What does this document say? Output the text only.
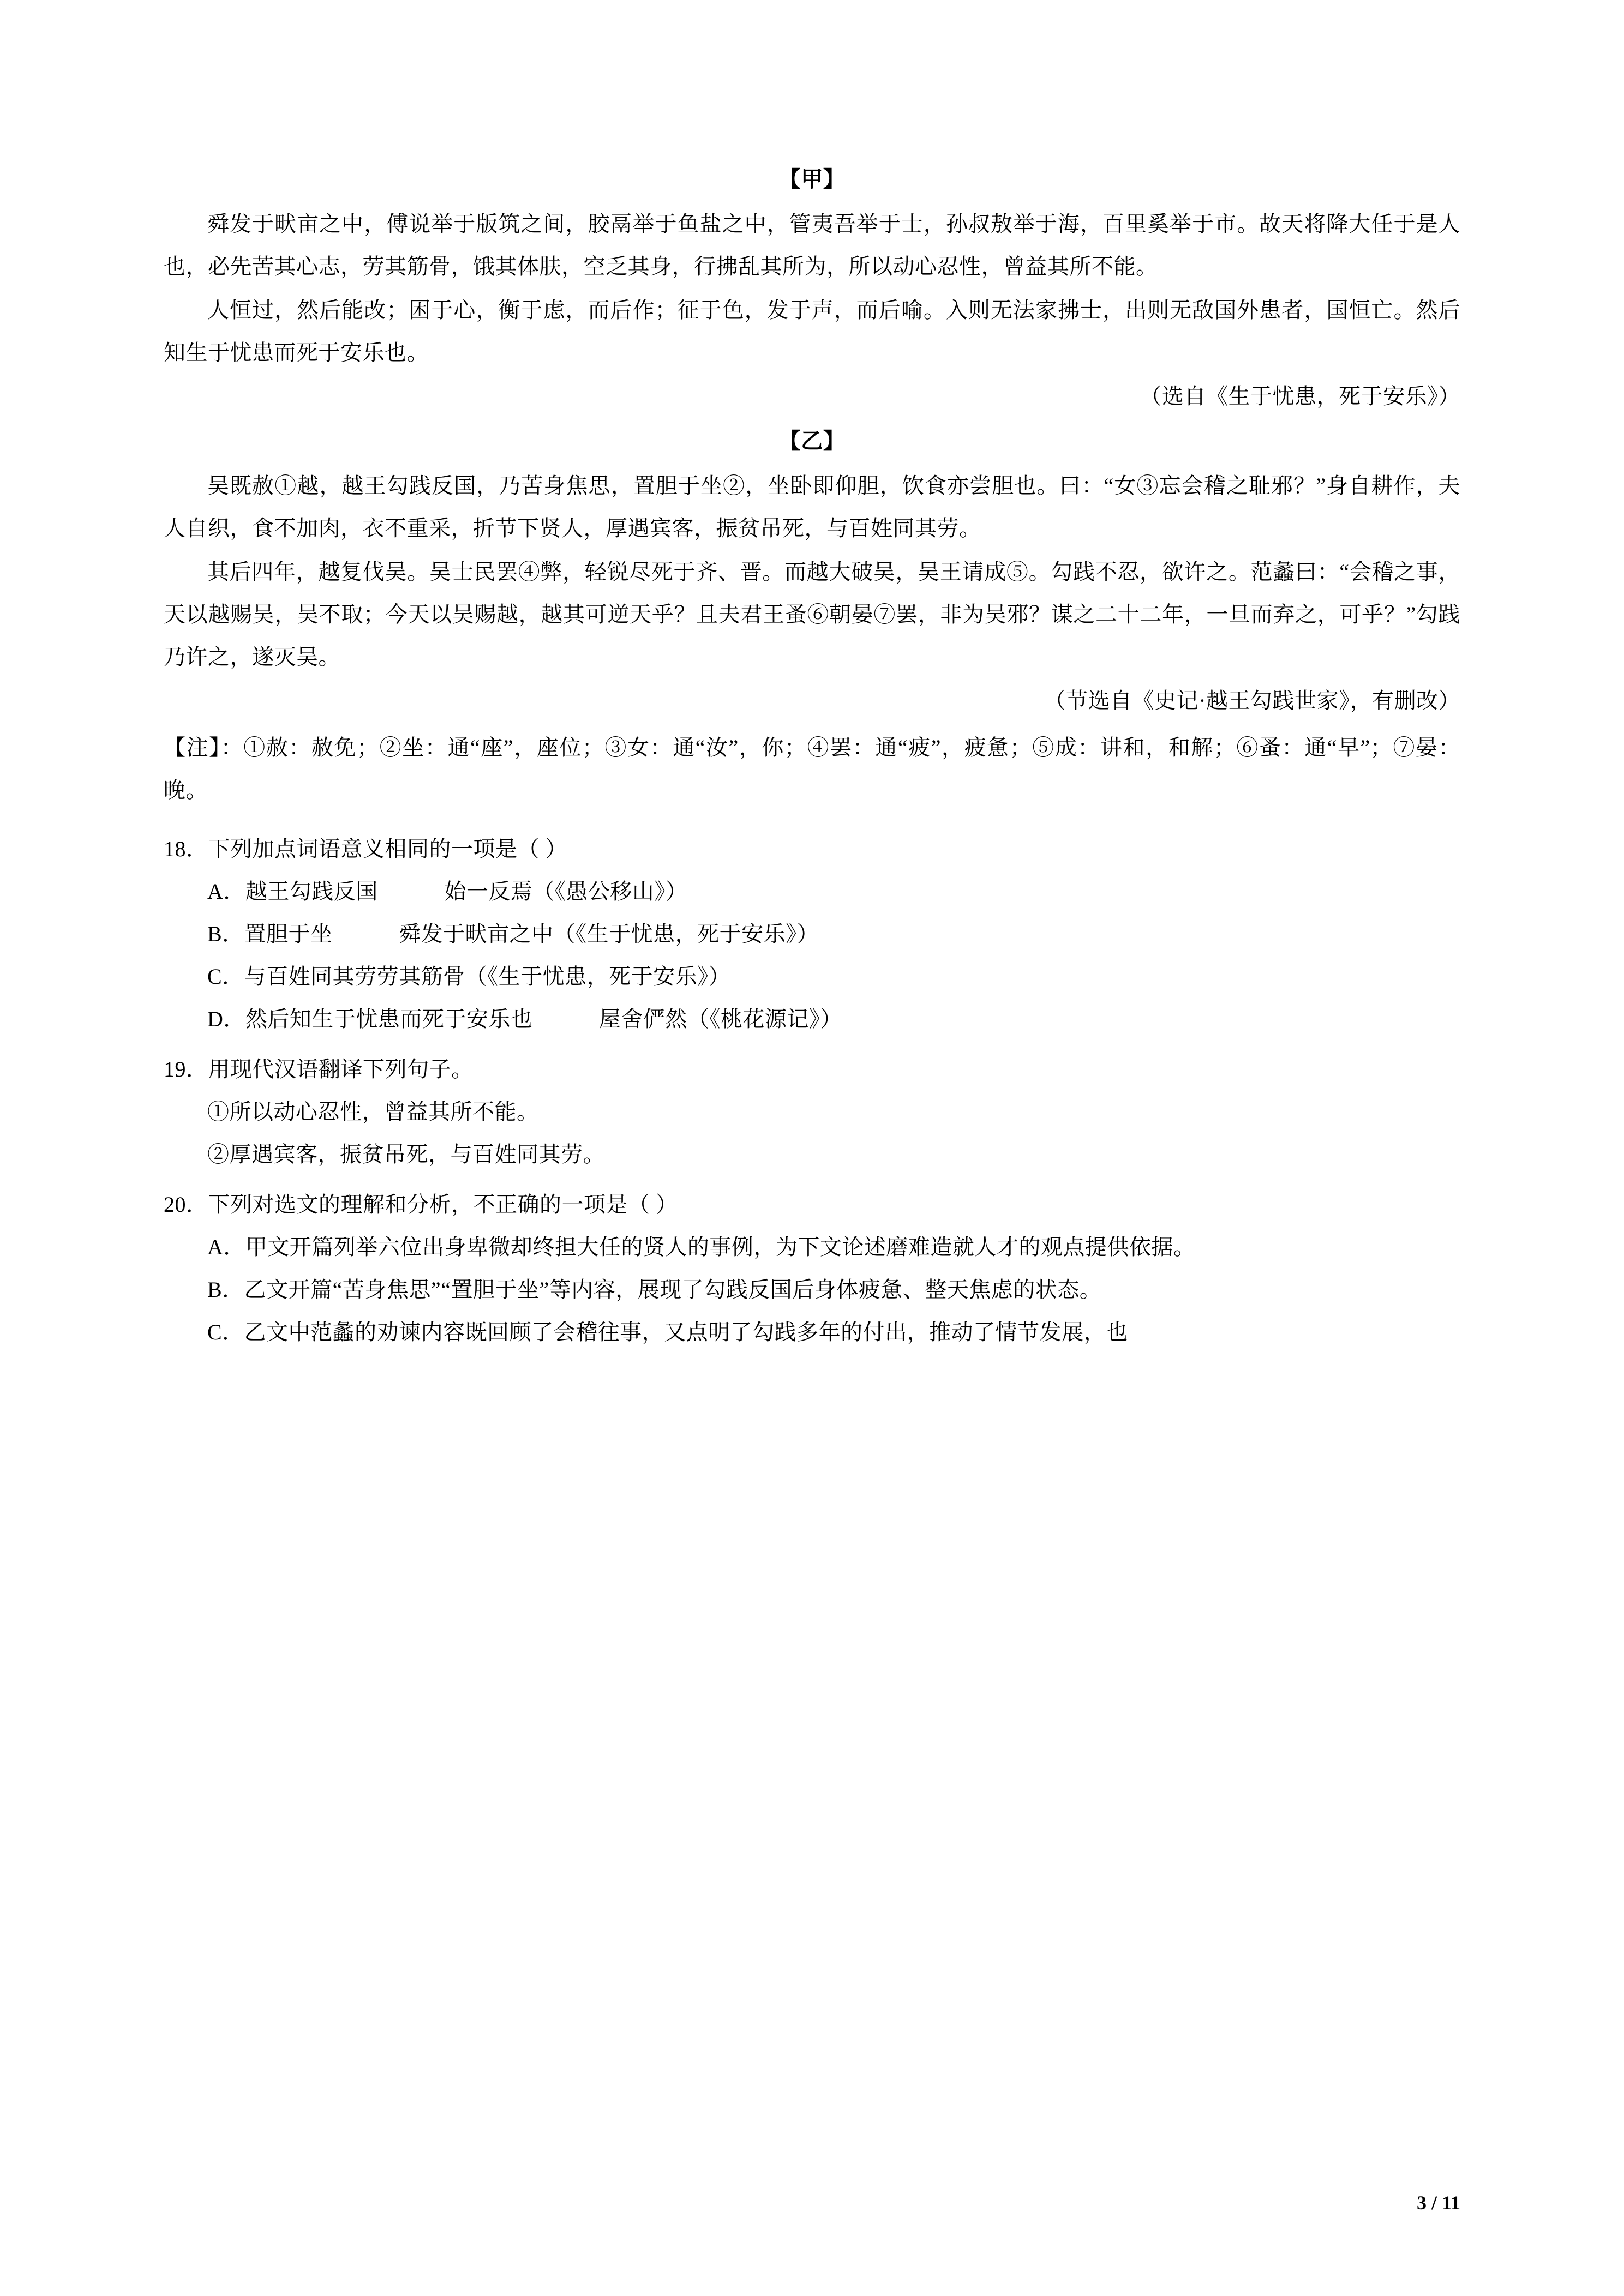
【甲】

舜发于畎亩之中，傅说举于版筑之间，胶鬲举于鱼盐之中，管夷吾举于士，孙叔敖举于海，百里奚举于市。故天将降大任于是人也，必先苦其心志，劳其筋骨，饿其体肤，空乏其身，行拂乱其所为，所以动心忍性，曾益其所不能。

人恒过，然后能改；困于心，衡于虑，而后作；征于色，发于声，而后喻。入则无法家拂士，出则无敌国外患者，国恒亡。然后知生于忧患而死于安乐也。

（选自《生于忧患，死于安乐》）

【乙】

吴既赦①越，越王勾践反国，乃苦身焦思，置胆于坐②，坐卧即仰胆，饮食亦尝胆也。曰：“女③忘会稽之耻邪？”身自耕作，夫人自织，食不加肉，衣不重采，折节下贤人，厚遇宾客，振贫吊死，与百姓同其劳。

其后四年，越复伐吴。吴士民罢④弊，轻锐尽死于齐、晋。而越大破吴，吴王请成⑤。勾践不忍，欲许之。范蠡曰：“会稽之事，天以越赐吴，吴不取；今天以吴赐越，越其可逆天乎？且夫君王蚤⑥朝晏⑦罢，非为吴邪？谋之二十二年，一旦而弃之，可乎？”勾践乃许之，遂灭吴。

（节选自《史记·越王勾践世家》，有删改）

【注】：①赦：赦免；②坐：通“座”，座位；③女：通“汝”，你；④罢：通“疲”，疲惫；⑤成：讲和，和解；⑥蚤：通“早”；⑦晏：晚。

18．下列加点词语意义相同的一项是（ ）

A．越王勾践反国　　　始一反焉（《愚公移山》）

B．置胆于坐　　　舜发于畎亩之中（《生于忧患，死于安乐》）

C．与百姓同其劳劳其筋骨（《生于忧患，死于安乐》）

D．然后知生于忧患而死于安乐也　　　屋舍俨然（《桃花源记》）

19．用现代汉语翻译下列句子。

①所以动心忍性，曾益其所不能。

②厚遇宾客，振贫吊死，与百姓同其劳。

20．下列对选文的理解和分析，不正确的一项是（ ）

A．甲文开篇列举六位出身卑微却终担大任的贤人的事例，为下文论述磨难造就人才的观点提供依据。

B．乙文开篇“苦身焦思”“置胆于坐”等内容，展现了勾践反国后身体疲惫、整天焦虑的状态。

C．乙文中范蠡的劝谏内容既回顾了会稽往事，又点明了勾践多年的付出，推动了情节发展，也

3 / 11
